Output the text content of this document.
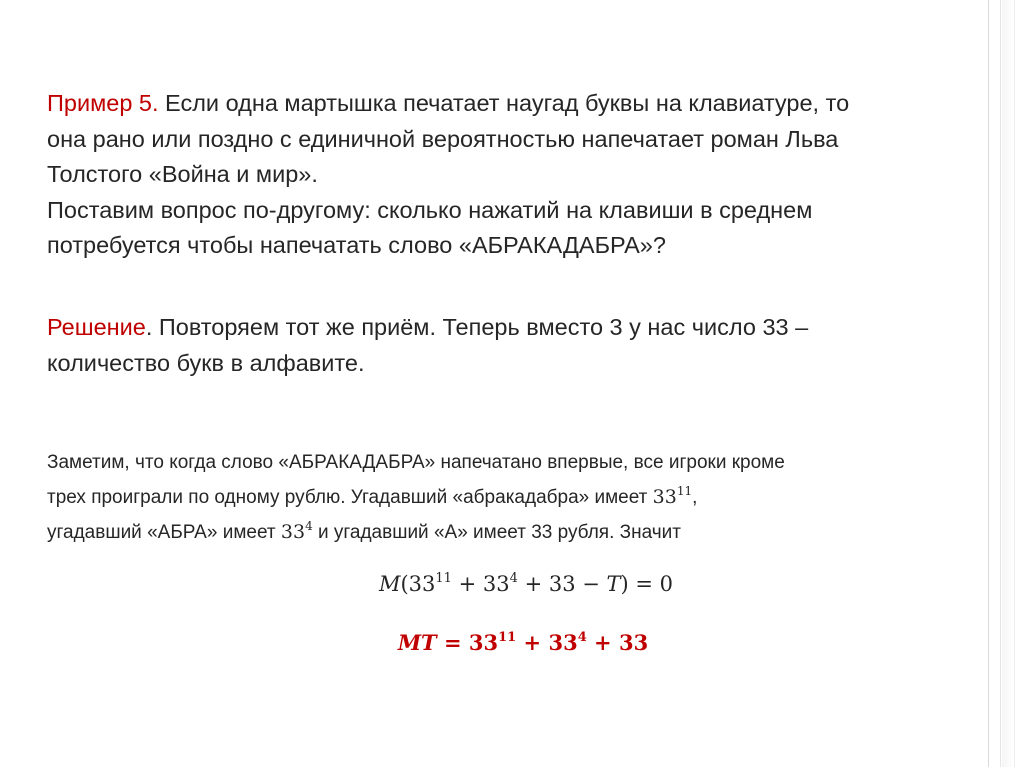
Пример 5. Если одна мартышка печатает наугад буквы на клавиатуре, то
она рано или поздно с единичной вероятностью напечатает роман Льва
Толстого «Война и мир».
Поставим вопрос по-другому: сколько нажатий на клавиши в среднем
потребуется чтобы напечатать слово «АБРАКАДАБРА»?

Решение. Повторяем тот же приём. Теперь вместо 3 у нас число 33 –
количество букв в алфавите.

Заметим, что когда слово «АБРАКАДАБРА» напечатано впервые, все игроки кроме
трех проиграли по одному рублю. Угадавший «абракадабра» имеет $33^{11}$,
угадавший «АБРА» имеет $33^4$ и угадавший «А» имеет 33 рубля. Значит

$M(33^{11} + 33^4 + 33 - T) = 0$
MT = $33^{11} + 33^4 + 33$
